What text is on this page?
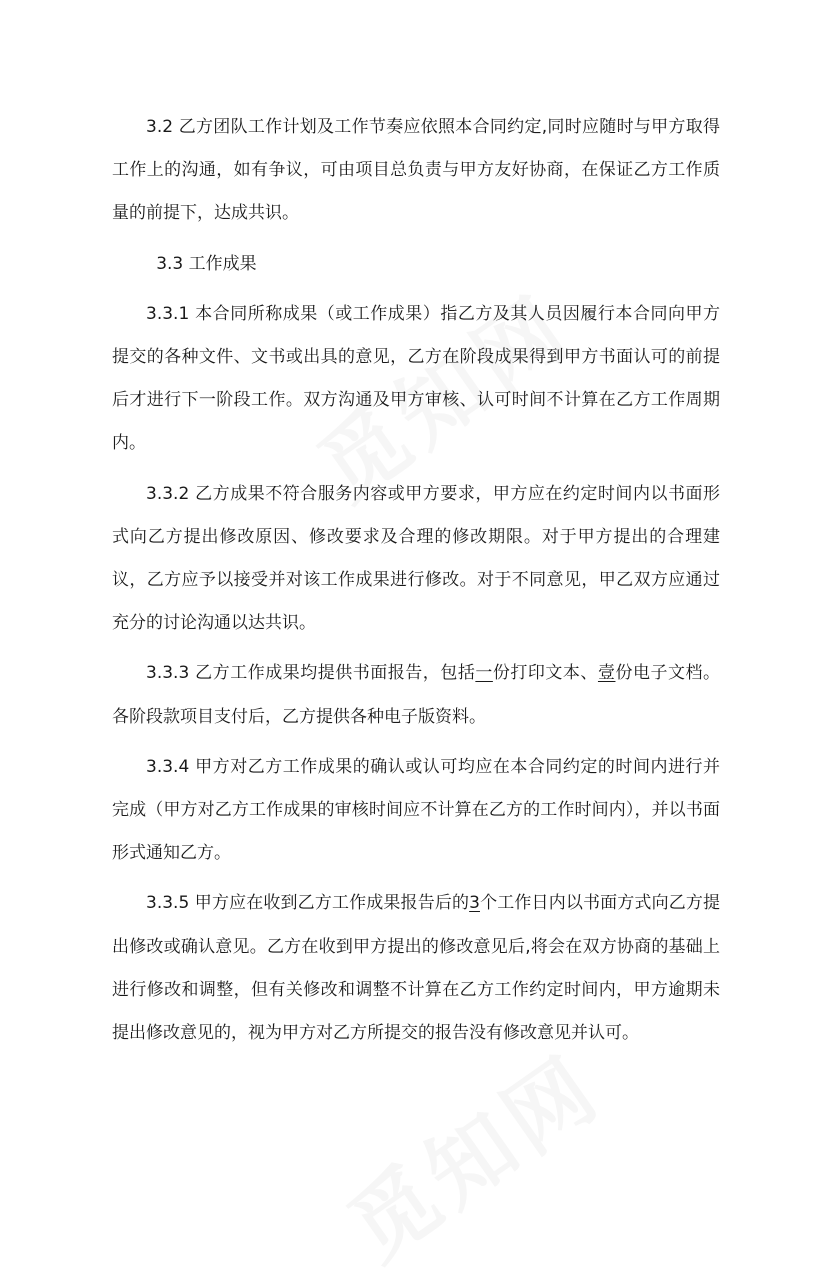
3.2 乙方团队工作计划及工作节奏应依照本合同约定,同时应随时与甲方取得工作上的沟通，如有争议，可由项目总负责与甲方友好协商，在保证乙方工作质量的前提下，达成共识。

3.3 工作成果

3.3.1 本合同所称成果（或工作成果）指乙方及其人员因履行本合同向甲方提交的各种文件、文书或出具的意见，乙方在阶段成果得到甲方书面认可的前提后才进行下一阶段工作。双方沟通及甲方审核、认可时间不计算在乙方工作周期内。

3.3.2 乙方成果不符合服务内容或甲方要求，甲方应在约定时间内以书面形式向乙方提出修改原因、修改要求及合理的修改期限。对于甲方提出的合理建议，乙方应予以接受并对该工作成果进行修改。对于不同意见，甲乙双方应通过充分的讨论沟通以达共识。

3.3.3 乙方工作成果均提供书面报告，包括一份打印文本、壹份电子文档。各阶段款项目支付后，乙方提供各种电子版资料。

3.3.4 甲方对乙方工作成果的确认或认可均应在本合同约定的时间内进行并完成（甲方对乙方工作成果的审核时间应不计算在乙方的工作时间内），并以书面形式通知乙方。

3.3.5 甲方应在收到乙方工作成果报告后的3个工作日内以书面方式向乙方提出修改或确认意见。乙方在收到甲方提出的修改意见后,将会在双方协商的基础上进行修改和调整，但有关修改和调整不计算在乙方工作约定时间内，甲方逾期未提出修改意见的，视为甲方对乙方所提交的报告没有修改意见并认可。
